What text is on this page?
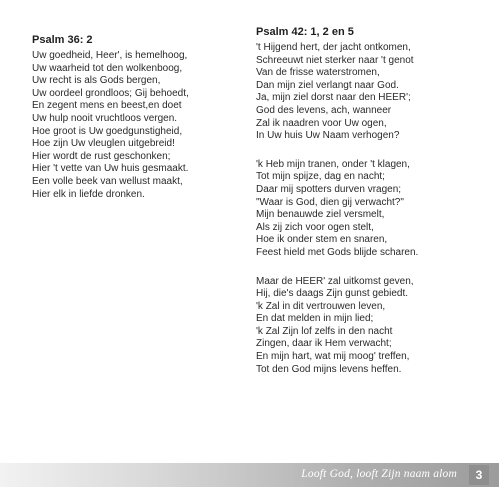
Psalm 36: 2
Uw goedheid, Heer', is hemelhoog,
Uw waarheid tot den wolkenboog,
Uw recht is als Gods bergen,
Uw oordeel grondloos; Gij behoedt,
En zegent mens en beest,en doet
Uw hulp nooit vruchtloos vergen.
Hoe groot is Uw goedgunstigheid,
Hoe zijn Uw vleuglen uitgebreid!
Hier wordt de rust geschonken;
Hier 't vette van Uw huis gesmaakt.
Een volle beek van wellust maakt,
Hier elk in liefde dronken.
Psalm 42: 1, 2 en 5
't Hijgend hert, der jacht ontkomen,
Schreeuwt niet sterker naar 't genot
Van de frisse waterstromen,
Dan mijn ziel verlangt naar God.
Ja, mijn ziel dorst naar den HEER';
God des levens, ach, wanneer
Zal ik naadren voor Uw ogen,
In Uw huis Uw Naam verhogen?
'k Heb mijn tranen, onder 't klagen,
Tot mijn spijze, dag en nacht;
Daar mij spotters durven vragen;
"Waar is God, dien gij verwacht?"
Mijn benauwde ziel versmelt,
Als zij zich voor ogen stelt,
Hoe ik onder stem en snaren,
Feest hield met Gods blijde scharen.
Maar de HEER' zal uitkomst geven,
Hij, die's daags Zijn gunst gebiedt.
'k Zal in dit vertrouwen leven,
En dat melden in mijn lied;
'k Zal Zijn lof zelfs in den nacht
Zingen, daar ik Hem verwacht;
En mijn hart, wat mij moog' treffen,
Tot den God mijns levens heffen.
Looft God, looft Zijn naam alom	3
